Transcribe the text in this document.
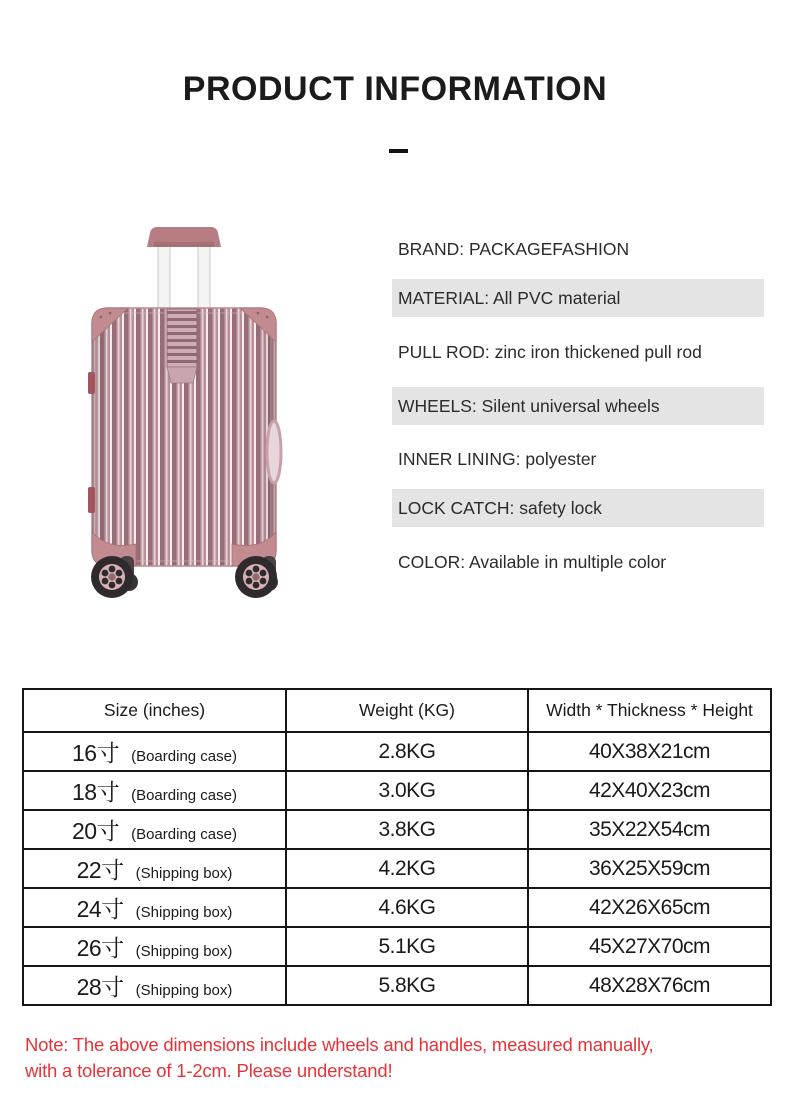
PRODUCT INFORMATION
BRAND: PACKAGEFASHION
MATERIAL: All PVC material
PULL ROD: zinc iron thickened pull rod
WHEELS: Silent universal wheels
INNER LINING: polyester
LOCK CATCH: safety lock
COLOR: Available in multiple color
Size (inches)	Weight (KG)	Width * Thickness * Height
16寸 (Boarding case)	2.8KG	40X38X21cm
18寸 (Boarding case)	3.0KG	42X40X23cm
20寸 (Boarding case)	3.8KG	35X22X54cm
22寸 (Shipping box)	4.2KG	36X25X59cm
24寸 (Shipping box)	4.6KG	42X26X65cm
26寸 (Shipping box)	5.1KG	45X27X70cm
28寸 (Shipping box)	5.8KG	48X28X76cm
Note: The above dimensions include wheels and handles, measured manually,
with a tolerance of 1-2cm. Please understand!
